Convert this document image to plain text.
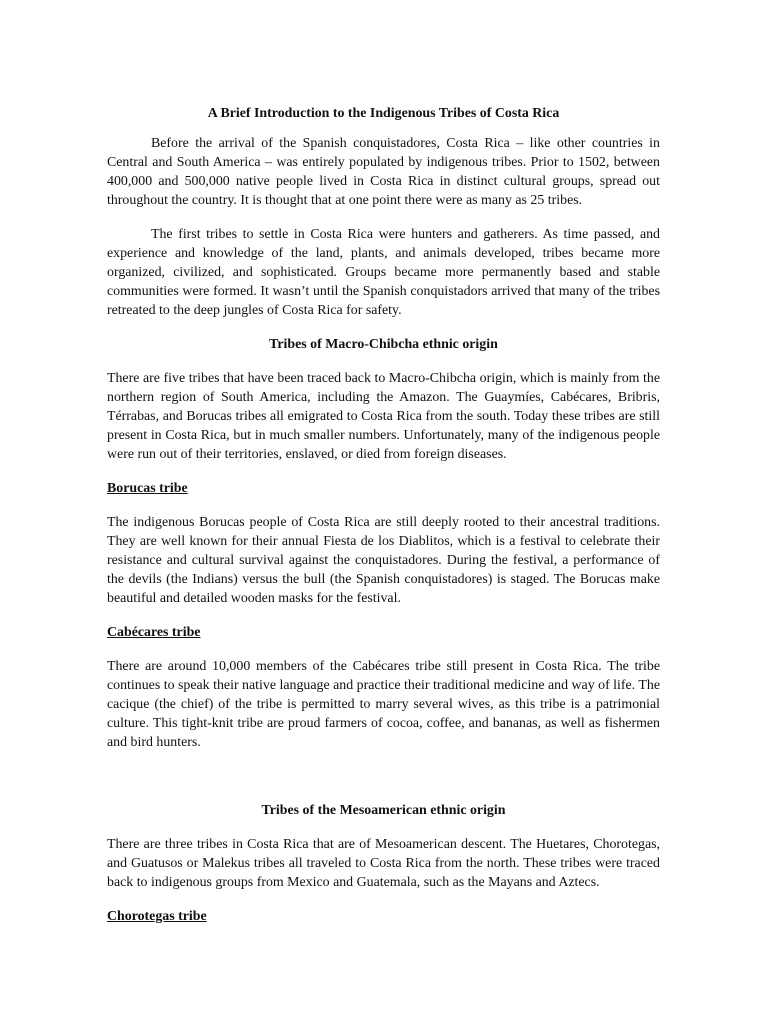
A Brief Introduction to the Indigenous Tribes of Costa Rica

Before the arrival of the Spanish conquistadores, Costa Rica – like other countries in Central and South America – was entirely populated by indigenous tribes. Prior to 1502, between 400,000 and 500,000 native people lived in Costa Rica in distinct cultural groups, spread out throughout the country. It is thought that at one point there were as many as 25 tribes.

The first tribes to settle in Costa Rica were hunters and gatherers. As time passed, and experience and knowledge of the land, plants, and animals developed, tribes became more organized, civilized, and sophisticated. Groups became more permanently based and stable communities were formed. It wasn’t until the Spanish conquistadors arrived that many of the tribes retreated to the deep jungles of Costa Rica for safety.

Tribes of Macro-Chibcha ethnic origin

There are five tribes that have been traced back to Macro-Chibcha origin, which is mainly from the northern region of South America, including the Amazon. The Guaymíes, Cabécares, Bribris, Térrabas, and Borucas tribes all emigrated to Costa Rica from the south. Today these tribes are still present in Costa Rica, but in much smaller numbers. Unfortunately, many of the indigenous people were run out of their territories, enslaved, or died from foreign diseases.

Borucas tribe

The indigenous Borucas people of Costa Rica are still deeply rooted to their ancestral traditions. They are well known for their annual Fiesta de los Diablitos, which is a festival to celebrate their resistance and cultural survival against the conquistadores. During the festival, a performance of the devils (the Indians) versus the bull (the Spanish conquistadores) is staged. The Borucas make beautiful and detailed wooden masks for the festival.

Cabécares tribe

There are around 10,000 members of the Cabécares tribe still present in Costa Rica. The tribe continues to speak their native language and practice their traditional medicine and way of life. The cacique (the chief) of the tribe is permitted to marry several wives, as this tribe is a patrimonial culture. This tight-knit tribe are proud farmers of cocoa, coffee, and bananas, as well as fishermen and bird hunters.

Tribes of the Mesoamerican ethnic origin

There are three tribes in Costa Rica that are of Mesoamerican descent. The Huetares, Chorotegas, and Guatusos or Malekus tribes all traveled to Costa Rica from the north. These tribes were traced back to indigenous groups from Mexico and Guatemala, such as the Mayans and Aztecs.

Chorotegas tribe
